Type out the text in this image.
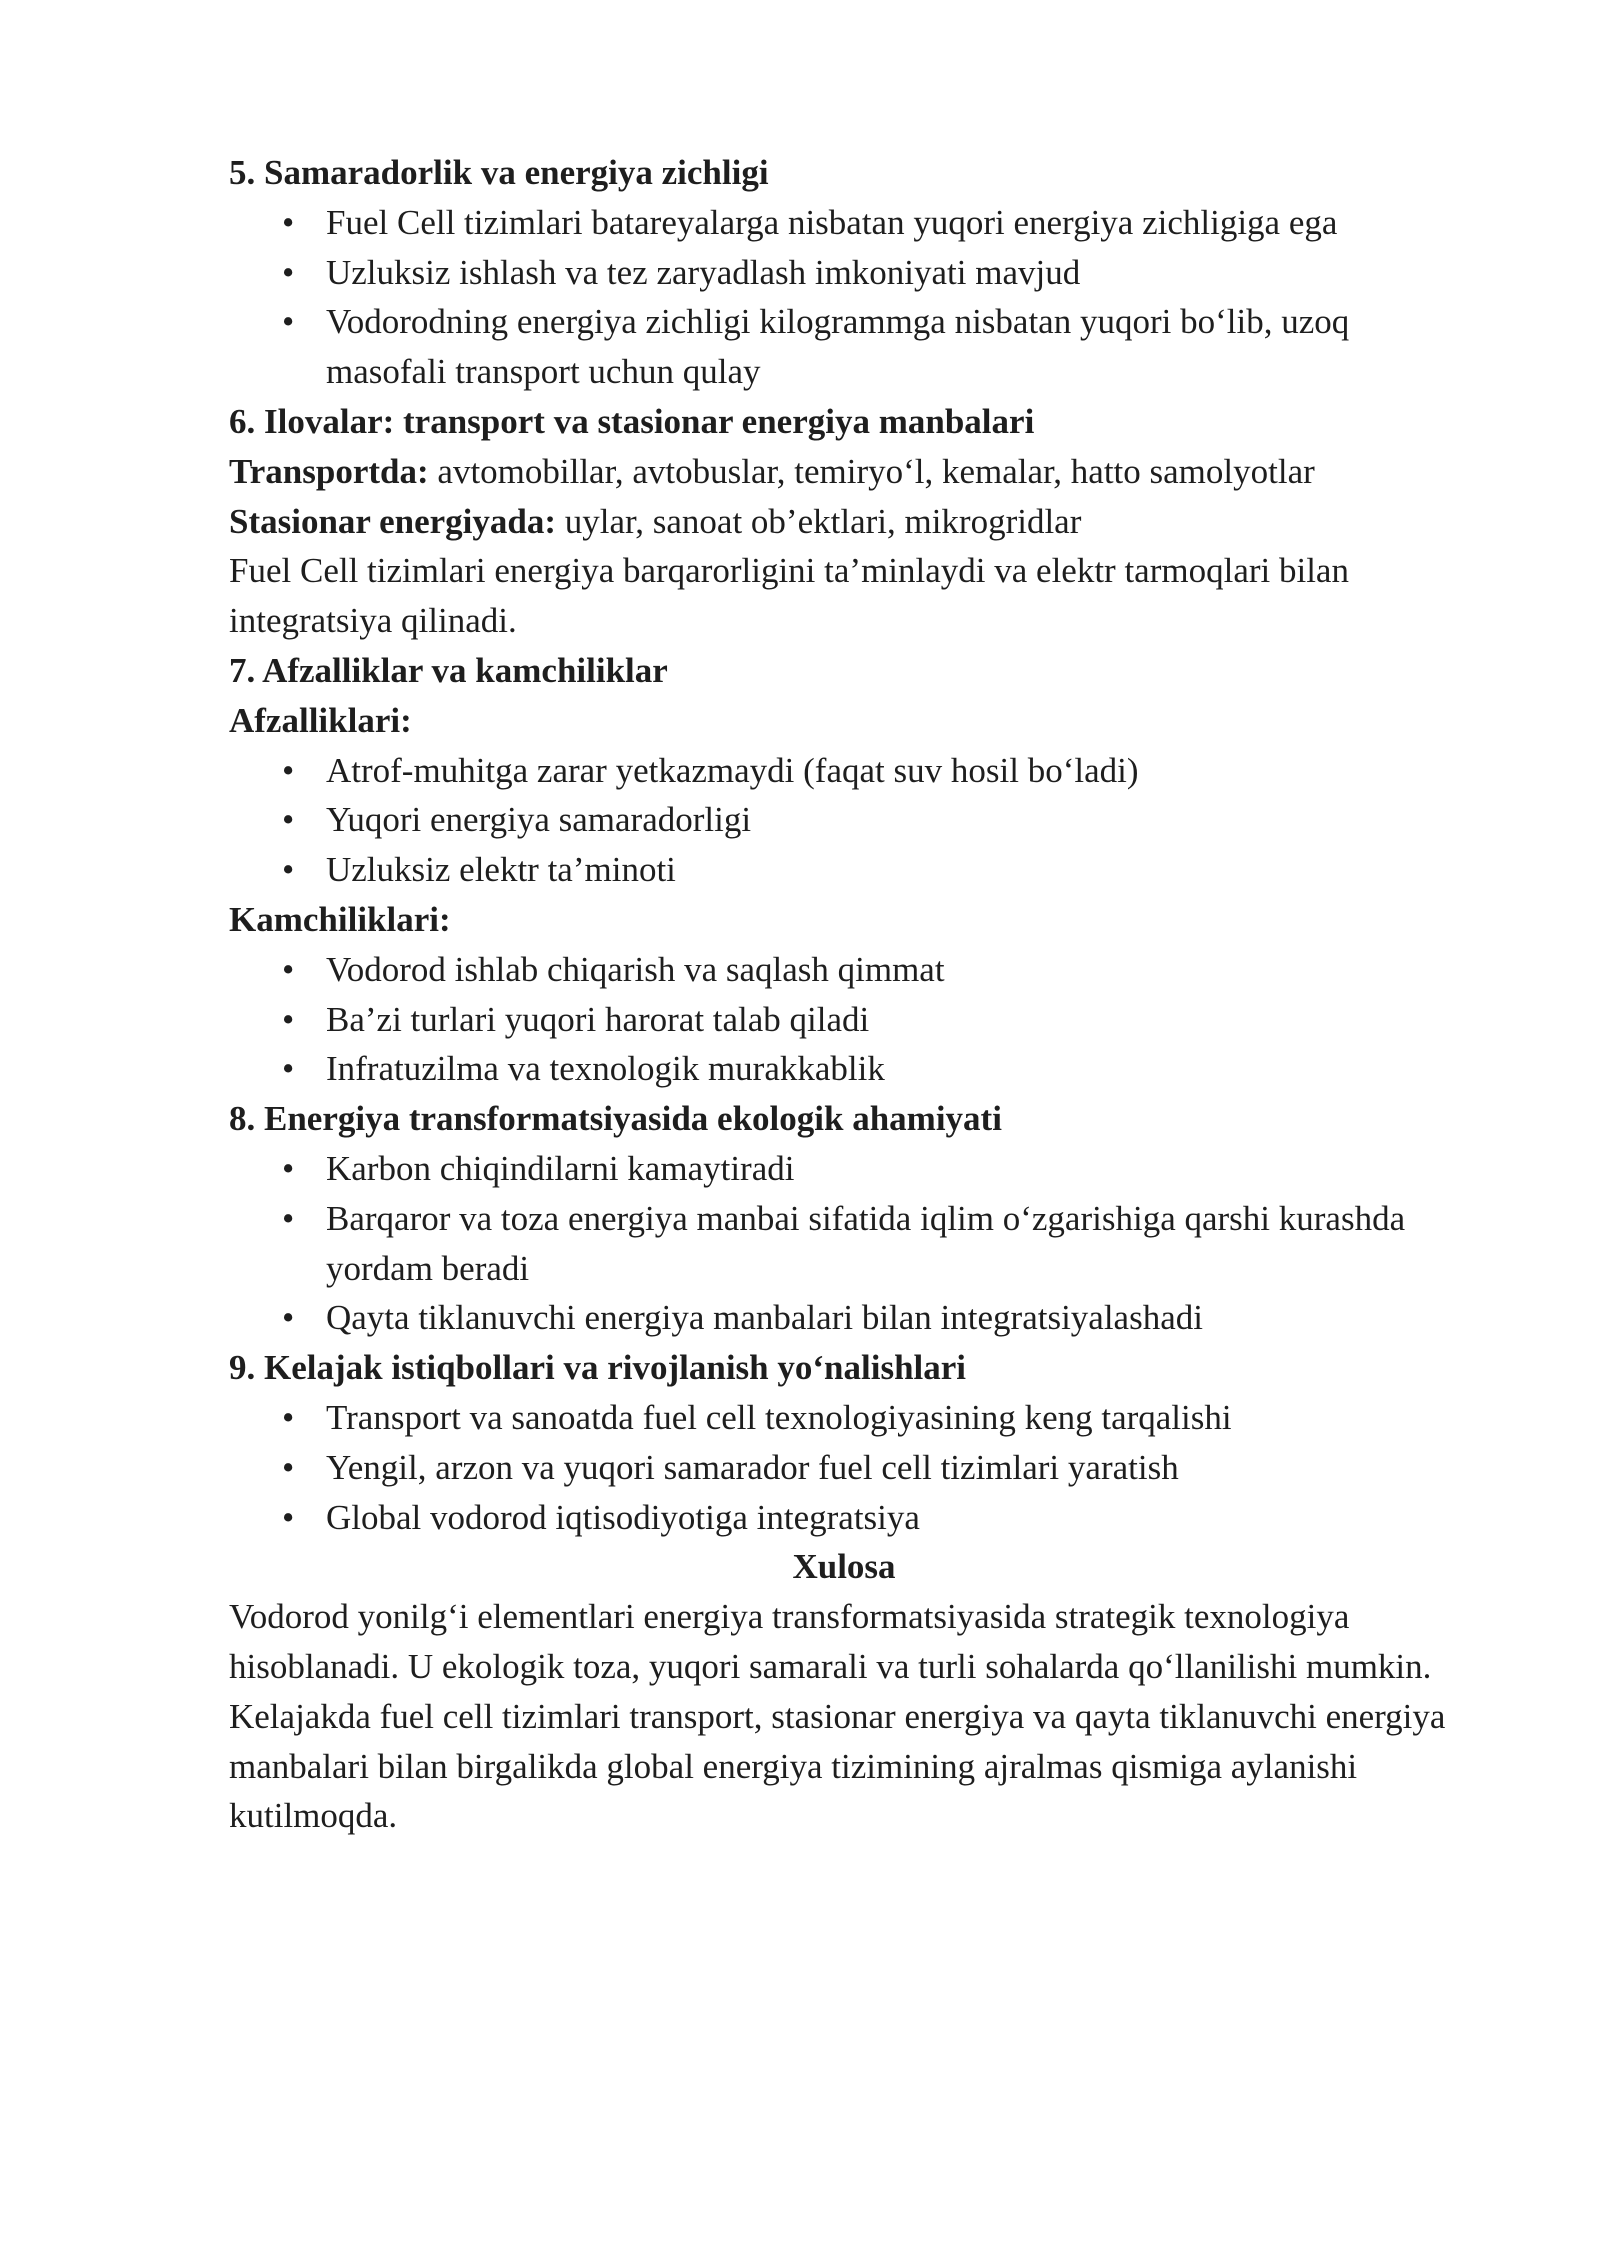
5. Samaradorlik va energiya zichligi

• Fuel Cell tizimlari batareyalarga nisbatan yuqori energiya zichligiga ega
• Uzluksiz ishlash va tez zaryadlash imkoniyati mavjud
• Vodorodning energiya zichligi kilogrammga nisbatan yuqori bo‘lib, uzoq masofali transport uchun qulay

6. Ilovalar: transport va stasionar energiya manbalari

Transportda: avtomobillar, avtobuslar, temiryo‘l, kemalar, hatto samolyotlar

Stasionar energiyada: uylar, sanoat ob’ektlari, mikrogridlar

Fuel Cell tizimlari energiya barqarorligini ta’minlaydi va elektr tarmoqlari bilan integratsiya qilinadi.

7. Afzalliklar va kamchiliklar

Afzalliklari:

• Atrof-muhitga zarar yetkazmaydi (faqat suv hosil bo‘ladi)
• Yuqori energiya samaradorligi
• Uzluksiz elektr ta’minoti

Kamchiliklari:

• Vodorod ishlab chiqarish va saqlash qimmat
• Ba’zi turlari yuqori harorat talab qiladi
• Infratuzilma va texnologik murakkablik

8. Energiya transformatsiyasida ekologik ahamiyati

• Karbon chiqindilarni kamaytiradi
• Barqaror va toza energiya manbai sifatida iqlim o‘zgarishiga qarshi kurashda yordam beradi
• Qayta tiklanuvchi energiya manbalari bilan integratsiyalashadi

9. Kelajak istiqbollari va rivojlanish yo‘nalishlari

• Transport va sanoatda fuel cell texnologiyasining keng tarqalishi
• Yengil, arzon va yuqori samarador fuel cell tizimlari yaratish
• Global vodorod iqtisodiyotiga integratsiya

Xulosa

Vodorod yonilg‘i elementlari energiya transformatsiyasida strategik texnologiya hisoblanadi. U ekologik toza, yuqori samarali va turli sohalarda qo‘llanilishi mumkin. Kelajakda fuel cell tizimlari transport, stasionar energiya va qayta tiklanuvchi energiya manbalari bilan birgalikda global energiya tizimining ajralmas qismiga aylanishi kutilmoqda.
